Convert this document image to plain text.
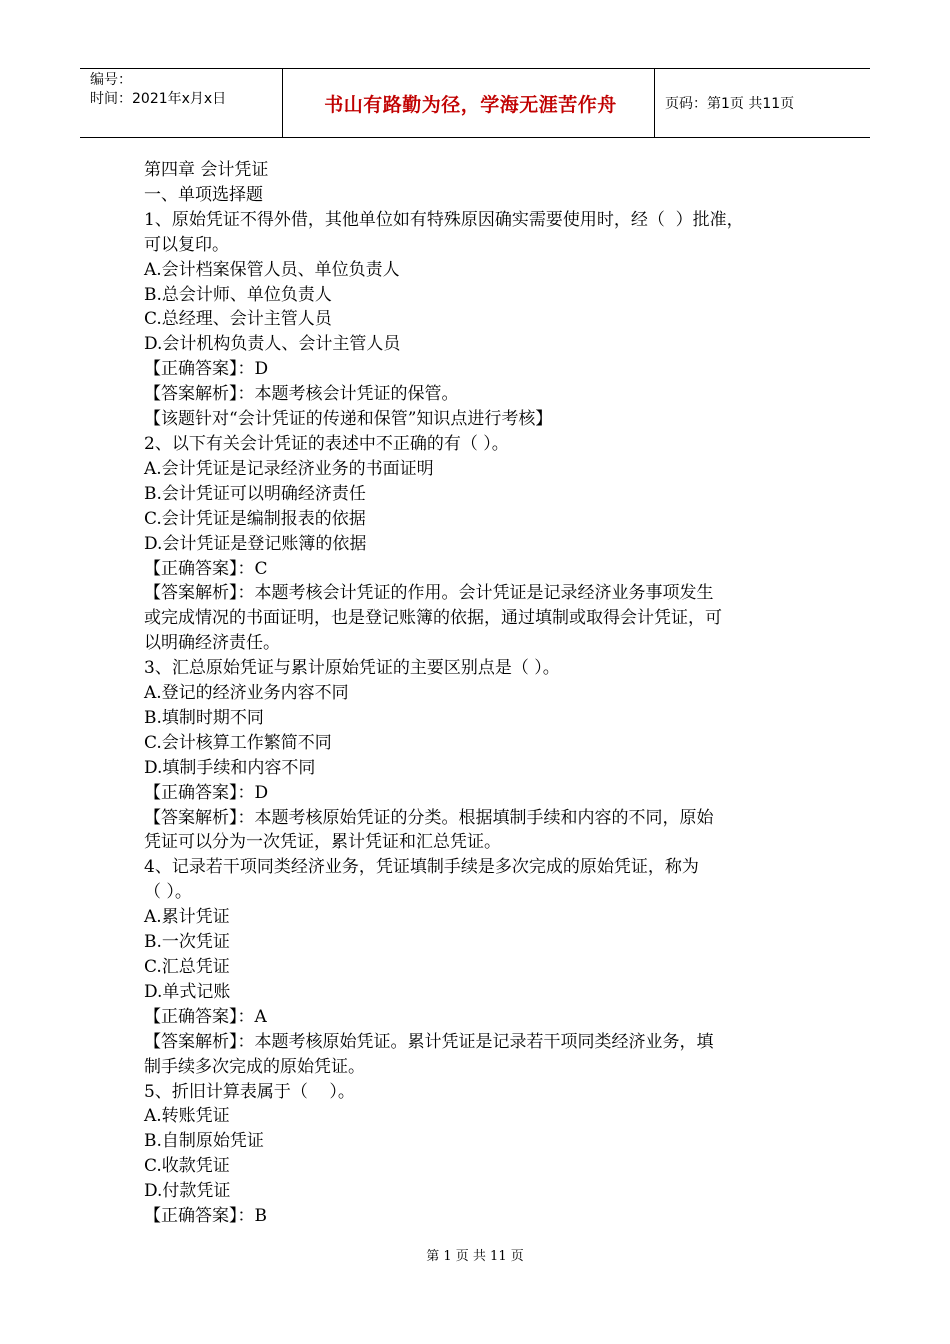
编号：
时间：2021年x月x日	书山有路勤为径，学海无涯苦作舟	页码：第1页 共11页

第四章 会计凭证

一、单项选择题

1、原始凭证不得外借，其他单位如有特殊原因确实需要使用时，经（  ）批准，

可以复印。

A.会计档案保管人员、单位负责人

B.总会计师、单位负责人

C.总经理、会计主管人员

D.会计机构负责人、会计主管人员

【正确答案】：D

【答案解析】：本题考核会计凭证的保管。

【该题针对“会计凭证的传递和保管”知识点进行考核】

2、以下有关会计凭证的表述中不正确的有（ ）。

A.会计凭证是记录经济业务的书面证明

B.会计凭证可以明确经济责任

C.会计凭证是编制报表的依据

D.会计凭证是登记账簿的依据

【正确答案】：C

【答案解析】：本题考核会计凭证的作用。会计凭证是记录经济业务事项发生

或完成情况的书面证明，也是登记账簿的依据，通过填制或取得会计凭证，可

以明确经济责任。

3、汇总原始凭证与累计原始凭证的主要区别点是（ ）。

A.登记的经济业务内容不同

B.填制时期不同

C.会计核算工作繁简不同

D.填制手续和内容不同

【正确答案】：D

【答案解析】：本题考核原始凭证的分类。根据填制手续和内容的不同，原始

凭证可以分为一次凭证，累计凭证和汇总凭证。

4、记录若干项同类经济业务，凭证填制手续是多次完成的原始凭证，称为

（ ）。

A.累计凭证

B.一次凭证

C.汇总凭证

D.单式记账

【正确答案】：A

【答案解析】：本题考核原始凭证。累计凭证是记录若干项同类经济业务，填

制手续多次完成的原始凭证。

5、折旧计算表属于（    ）。

A.转账凭证

B.自制原始凭证

C.收款凭证

D.付款凭证

【正确答案】：B

第 1 页 共 11 页
